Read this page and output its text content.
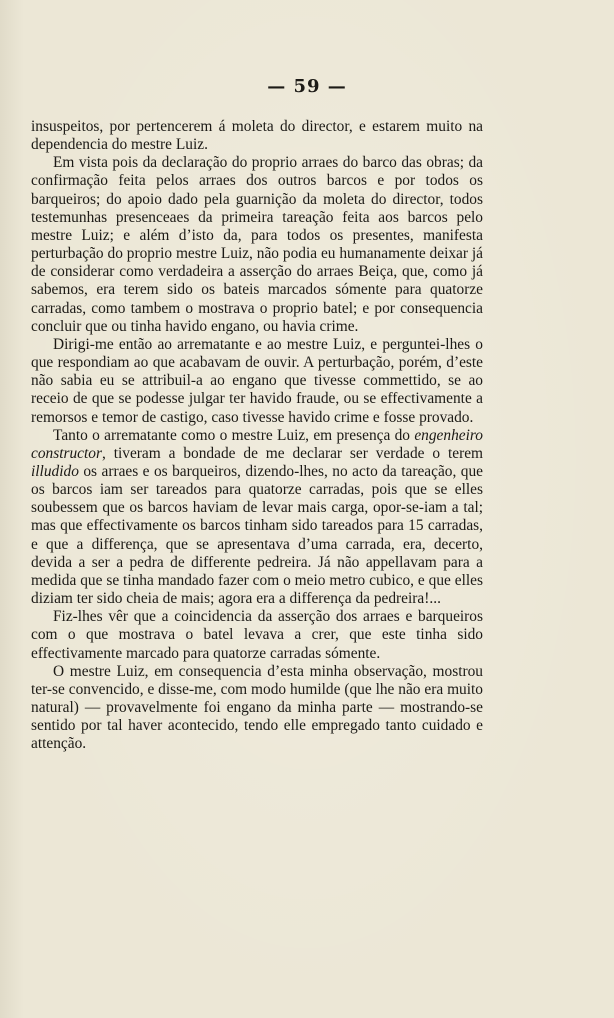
— 59 —

insuspeitos, por pertencerem á moleta do director, e estarem muito na dependencia do mestre Luiz.

Em vista pois da declaração do proprio arraes do barco das obras; da confirmação feita pelos arraes dos outros barcos e por todos os barqueiros; do apoio dado pela guarnição da moleta do director, todos testemunhas presenceaes da primeira tareação feita aos barcos pelo mestre Luiz; e além d’isto da, para todos os presentes, manifesta perturbação do proprio mestre Luiz, não podia eu humanamente deixar já de considerar como verdadeira a asserção do arraes Beiça, que, como já sabemos, era terem sido os bateis marcados sómente para quatorze carradas, como tambem o mostrava o proprio batel; e por consequencia concluir que ou tinha havido engano, ou havia crime.

Dirigi-me então ao arrematante e ao mestre Luiz, e perguntei-lhes o que respondiam ao que acabavam de ouvir. A perturbação, porém, d’este não sabia eu se attribuil-a ao engano que tivesse commettido, se ao receio de que se podesse julgar ter havido fraude, ou se effectivamente a remorsos e temor de castigo, caso tivesse havido crime e fosse provado.

Tanto o arrematante como o mestre Luiz, em presença do engenheiro constructor, tiveram a bondade de me declarar ser verdade o terem illudido os arraes e os barqueiros, dizendo-lhes, no acto da tareação, que os barcos iam ser tareados para quatorze carradas, pois que se elles soubessem que os barcos haviam de levar mais carga, opor-se-iam a tal; mas que effectivamente os barcos tinham sido tareados para 15 carradas, e que a differença, que se apresentava d’uma carrada, era, decerto, devida a ser a pedra de differente pedreira. Já não appellavam para a medida que se tinha mandado fazer com o meio metro cubico, e que elles diziam ter sido cheia de mais; agora era a differença da pedreira!...

Fiz-lhes vêr que a coincidencia da asserção dos arraes e barqueiros com o que mostrava o batel levava a crer, que este tinha sido effectivamente marcado para quatorze carradas sómente.

O mestre Luiz, em consequencia d’esta minha observação, mostrou ter-se convencido, e disse-me, com modo humilde (que lhe não era muito natural) — provavelmente foi engano da minha parte — mostrando-se sentido por tal haver acontecido, tendo elle empregado tanto cuidado e attenção.
